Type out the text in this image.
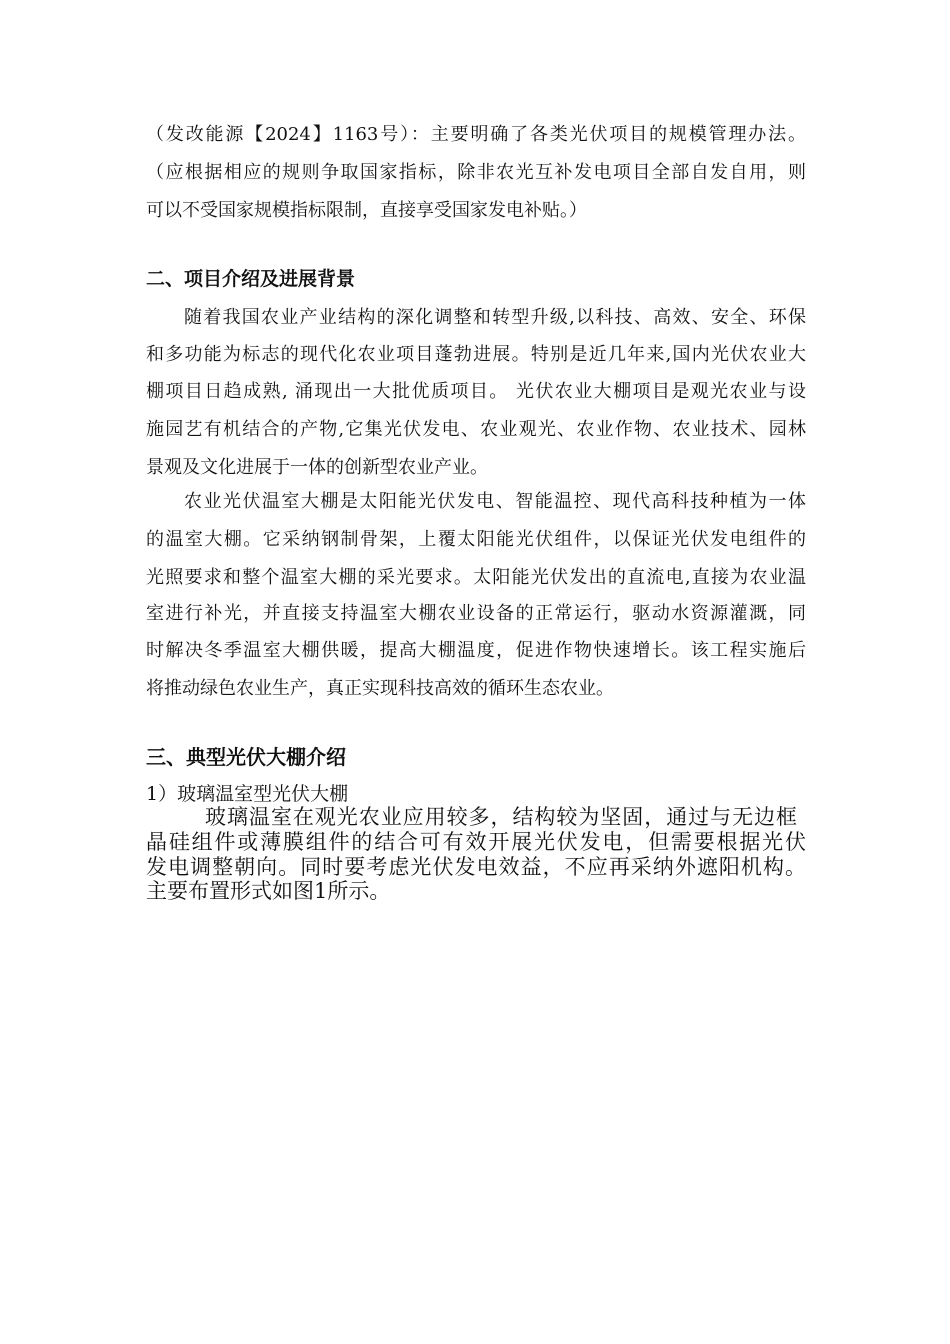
（发改能源【2024】1163号）：主要明确了各类光伏项目的规模管理办法。
（应根据相应的规则争取国家指标，除非农光互补发电项目全部自发自用，则
可以不受国家规模指标限制，直接享受国家发电补贴。）
二、项目介绍及进展背景
随着我国农业产业结构的深化调整和转型升级,以科技、高效、安全、环保
和多功能为标志的现代化农业项目蓬勃进展。特别是近几年来,国内光伏农业大
棚项目日趋成熟, 涌现出一大批优质项目。 光伏农业大棚项目是观光农业与设
施园艺有机结合的产物,它集光伏发电、农业观光、农业作物、农业技术、园林
景观及文化进展于一体的创新型农业产业。
农业光伏温室大棚是太阳能光伏发电、智能温控、现代高科技种植为一体
的温室大棚。它采纳钢制骨架，上覆太阳能光伏组件，以保证光伏发电组件的
光照要求和整个温室大棚的采光要求。太阳能光伏发出的直流电,直接为农业温
室进行补光，并直接支持温室大棚农业设备的正常运行，驱动水资源灌溉，同
时解决冬季温室大棚供暖，提高大棚温度，促进作物快速增长。该工程实施后
将推动绿色农业生产，真正实现科技高效的循环生态农业。
三、典型光伏大棚介绍
1）玻璃温室型光伏大棚
玻璃温室在观光农业应用较多，结构较为坚固，通过与无边框
晶硅组件或薄膜组件的结合可有效开展光伏发电，但需要根据光伏
发电调整朝向。同时要考虑光伏发电效益，不应再采纳外遮阳机构。
主要布置形式如图1所示。
